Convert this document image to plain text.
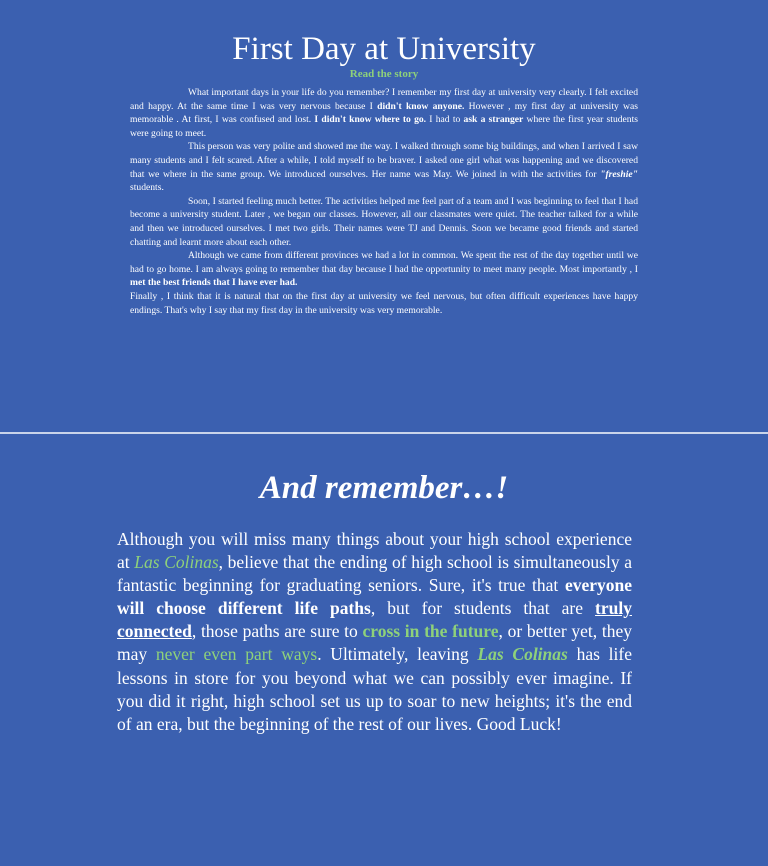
First Day at University
Read the story

What important days in your life do you remember? I remember my first day at university very clearly. I felt excited and happy. At the same time I was very nervous because I didn't know anyone. However , my first day at university was memorable . At first, I was confused and lost. I didn't know where to go. I had to ask a stranger where the first year students were going to meet.

This person was very polite and showed me the way. I walked through some big buildings, and when I arrived I saw many students and I felt scared. After a while, I told myself to be braver. I asked one girl what was happening and we discovered that we where in the same group. We introduced ourselves. Her name was May. We joined in with the activities for "freshie" students.

Soon, I started feeling much better. The activities helped me feel part of a team and I was beginning to feel that I had become a university student. Later , we began our classes. However, all our classmates were quiet. The teacher talked for a while and then we introduced ourselves. I met two girls. Their names were TJ and Dennis. Soon we became good friends and started chatting and learnt more about each other.

Although we came from different provinces we had a lot in common. We spent the rest of the day together until we had to go home. I am always going to remember that day because I had the opportunity to meet many people. Most importantly , I met the best friends that I have ever had.

Finally , I think that it is natural that on the first day at university we feel nervous, but often difficult experiences have happy endings. That's why I say that my first day in the university was very memorable.

And remember…!

Although you will miss many things about your high school experience at Las Colinas, believe that the ending of high school is simultaneously a fantastic beginning for graduating seniors. Sure, it's true that everyone will choose different life paths, but for students that are truly connected, those paths are sure to cross in the future, or better yet, they may never even part ways. Ultimately, leaving Las Colinas has life lessons in store for you beyond what we can possibly ever imagine. If you did it right, high school set us up to soar to new heights; it's the end of an era, but the beginning of the rest of our lives. Good Luck!
